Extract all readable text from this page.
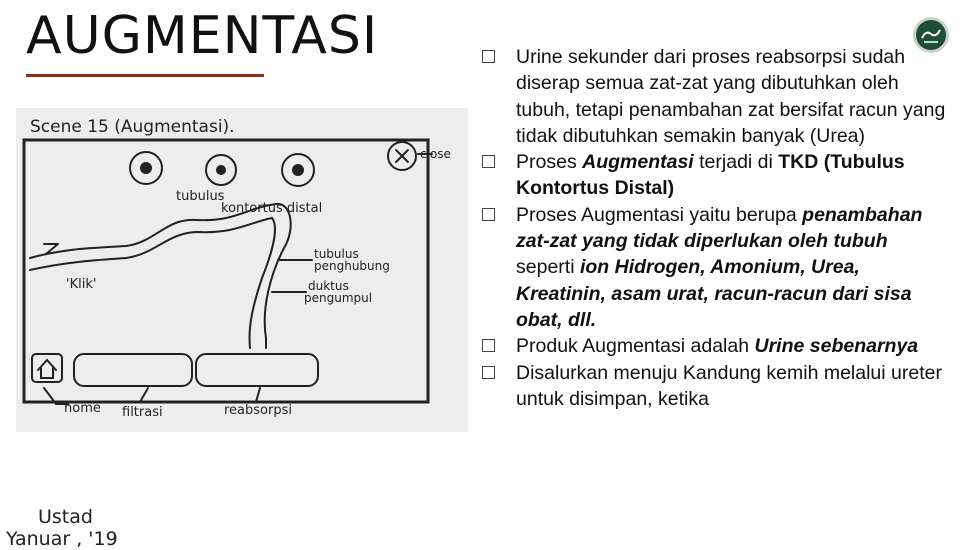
AUGMENTASI
Scene 15 (Augmentasi).
close
tubulus
kontortus distal
'Klik'
tubulus
penghubung
duktus
pengumpul
home filtrasi	reabsorpsi
Ustad
Yanuar , '19
Urine sekunder dari proses reabsorpsi sudah diserap semua zat-zat yang dibutuhkan oleh tubuh, tetapi penambahan zat bersifat racun yang tidak dibutuhkan semakin banyak (Urea)
Proses Augmentasi terjadi di TKD (Tubulus Kontortus Distal)
Proses Augmentasi yaitu berupa penambahan zat-zat yang tidak diperlukan oleh tubuh seperti ion Hidrogen, Amonium, Urea, Kreatinin, asam urat, racun-racun dari sisa obat, dll.
Produk Augmentasi adalah Urine sebenarnya
Disalurkan menuju Kandung kemih melalui ureter untuk disimpan, ketika
